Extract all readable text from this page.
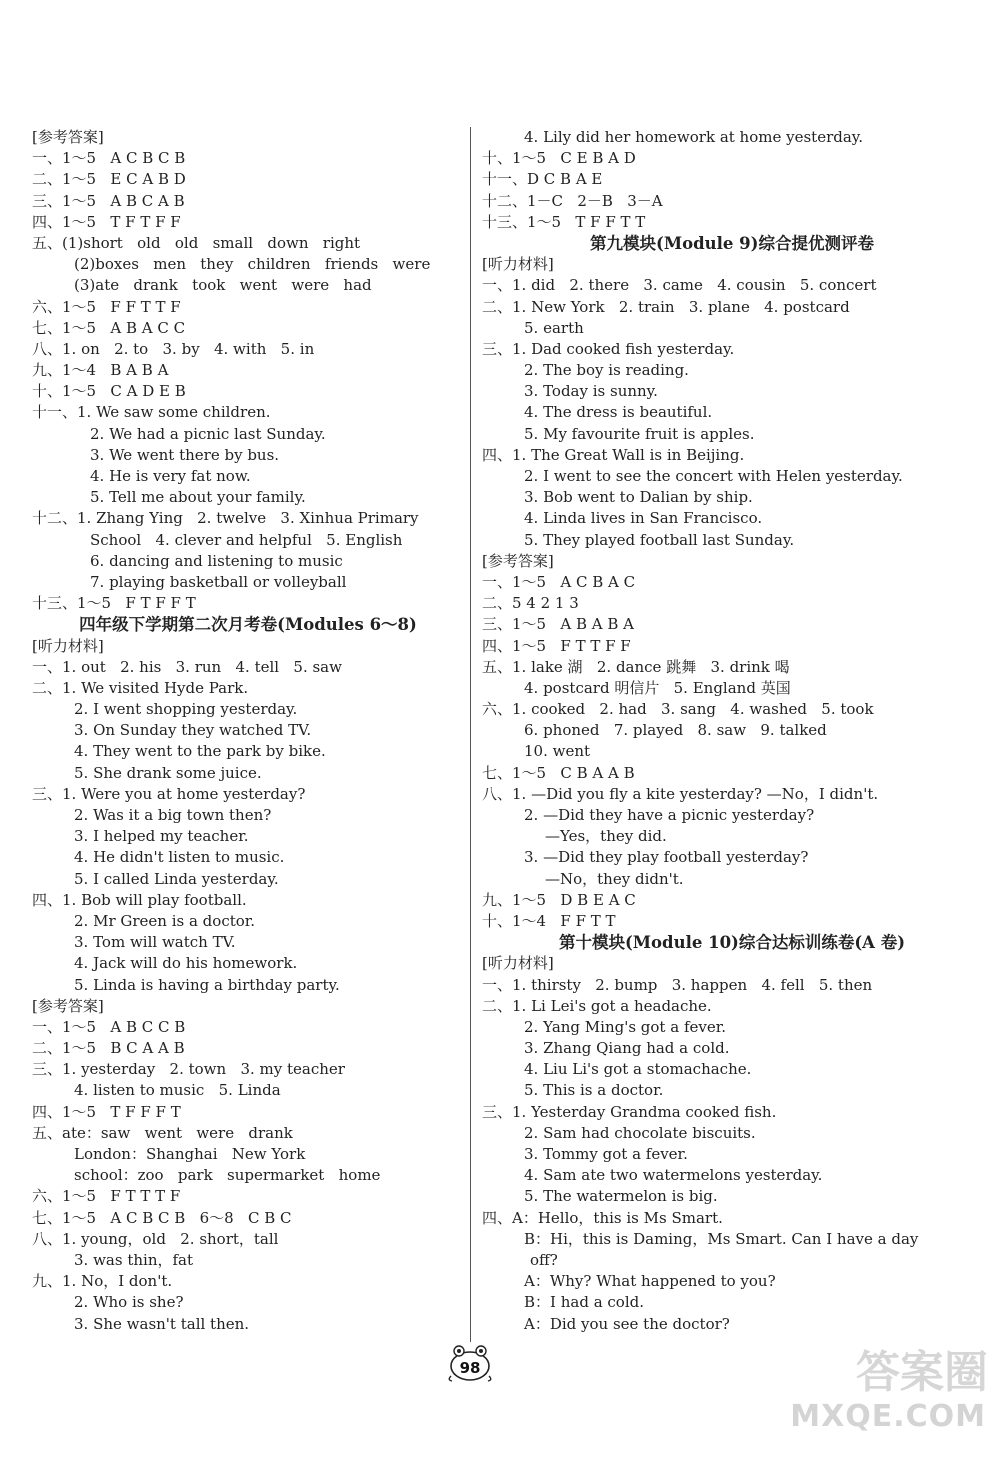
[参考答案]
一、1～5   A C B C B
二、1～5   E C A B D
三、1～5   A B C A B
四、1～5   T F T F F
五、(1)short   old   old   small   down   right
(2)boxes   men   they   children   friends   were
(3)ate   drank   took   went   were   had
六、1～5   F F T T F
七、1～5   A B A C C
八、1. on   2. to   3. by   4. with   5. in
九、1～4   B A B A
十、1～5   C A D E B
十一、1. We saw some children.
2. We had a picnic last Sunday.
3. We went there by bus.
4. He is very fat now.
5. Tell me about your family.
十二、1. Zhang Ying   2. twelve   3. Xinhua Primary
School   4. clever and helpful   5. English
6. dancing and listening to music
7. playing basketball or volleyball
十三、1～5   F T F F T
四年级下学期第二次月考卷(Modules 6～8)
[听力材料]
一、1. out   2. his   3. run   4. tell   5. saw
二、1. We visited Hyde Park.
2. I went shopping yesterday.
3. On Sunday they watched TV.
4. They went to the park by bike.
5. She drank some juice.
三、1. Were you at home yesterday?
2. Was it a big town then?
3. I helped my teacher.
4. He didn't listen to music.
5. I called Linda yesterday.
四、1. Bob will play football.
2. Mr Green is a doctor.
3. Tom will watch TV.
4. Jack will do his homework.
5. Linda is having a birthday party.
[参考答案]
一、1～5   A B C C B
二、1～5   B C A A B
三、1. yesterday   2. town   3. my teacher
4. listen to music   5. Linda
四、1～5   T F F F T
五、ate：saw   went   were   drank
London：Shanghai   New York
school：zoo   park   supermarket   home
六、1～5   F T T T F
七、1～5   A C B C B   6～8   C B C
八、1. young，old   2. short，tall
3. was thin，fat
九、1. No，I don't.
2. Who is she?
3. She wasn't tall then.
4. Lily did her homework at home yesterday.
十、1～5   C E B A D
十一、D C B A E
十二、1－C   2－B   3－A
十三、1～5   T F F T T
第九模块(Module 9)综合提优测评卷
[听力材料]
一、1. did   2. there   3. came   4. cousin   5. concert
二、1. New York   2. train   3. plane   4. postcard
5. earth
三、1. Dad cooked fish yesterday.
2. The boy is reading.
3. Today is sunny.
4. The dress is beautiful.
5. My favourite fruit is apples.
四、1. The Great Wall is in Beijing.
2. I went to see the concert with Helen yesterday.
3. Bob went to Dalian by ship.
4. Linda lives in San Francisco.
5. They played football last Sunday.
[参考答案]
一、1～5   A C B A C
二、5 4 2 1 3
三、1～5   A B A B A
四、1～5   F T T F F
五、1. lake 湖   2. dance 跳舞   3. drink 喝
4. postcard 明信片   5. England 英国
六、1. cooked   2. had   3. sang   4. washed   5. took
6. phoned   7. played   8. saw   9. talked
10. went
七、1～5   C B A A B
八、1. —Did you fly a kite yesterday? —No，I didn't.
2. —Did they have a picnic yesterday?
—Yes，they did.
3. —Did they play football yesterday?
—No，they didn't.
九、1～5   D B E A C
十、1～4   F F T T
第十模块(Module 10)综合达标训练卷(A 卷)
[听力材料]
一、1. thirsty   2. bump   3. happen   4. fell   5. then
二、1. Li Lei's got a headache.
2. Yang Ming's got a fever.
3. Zhang Qiang had a cold.
4. Liu Li's got a stomachache.
5. This is a doctor.
三、1. Yesterday Grandma cooked fish.
2. Sam had chocolate biscuits.
3. Tommy got a fever.
4. Sam ate two watermelons yesterday.
5. The watermelon is big.
四、A：Hello，this is Ms Smart.
B：Hi，this is Daming，Ms Smart. Can I have a day
off?
A：Why? What happened to you?
B：I had a cold.
A：Did you see the doctor?
98	答案圈
MXQE.COM
